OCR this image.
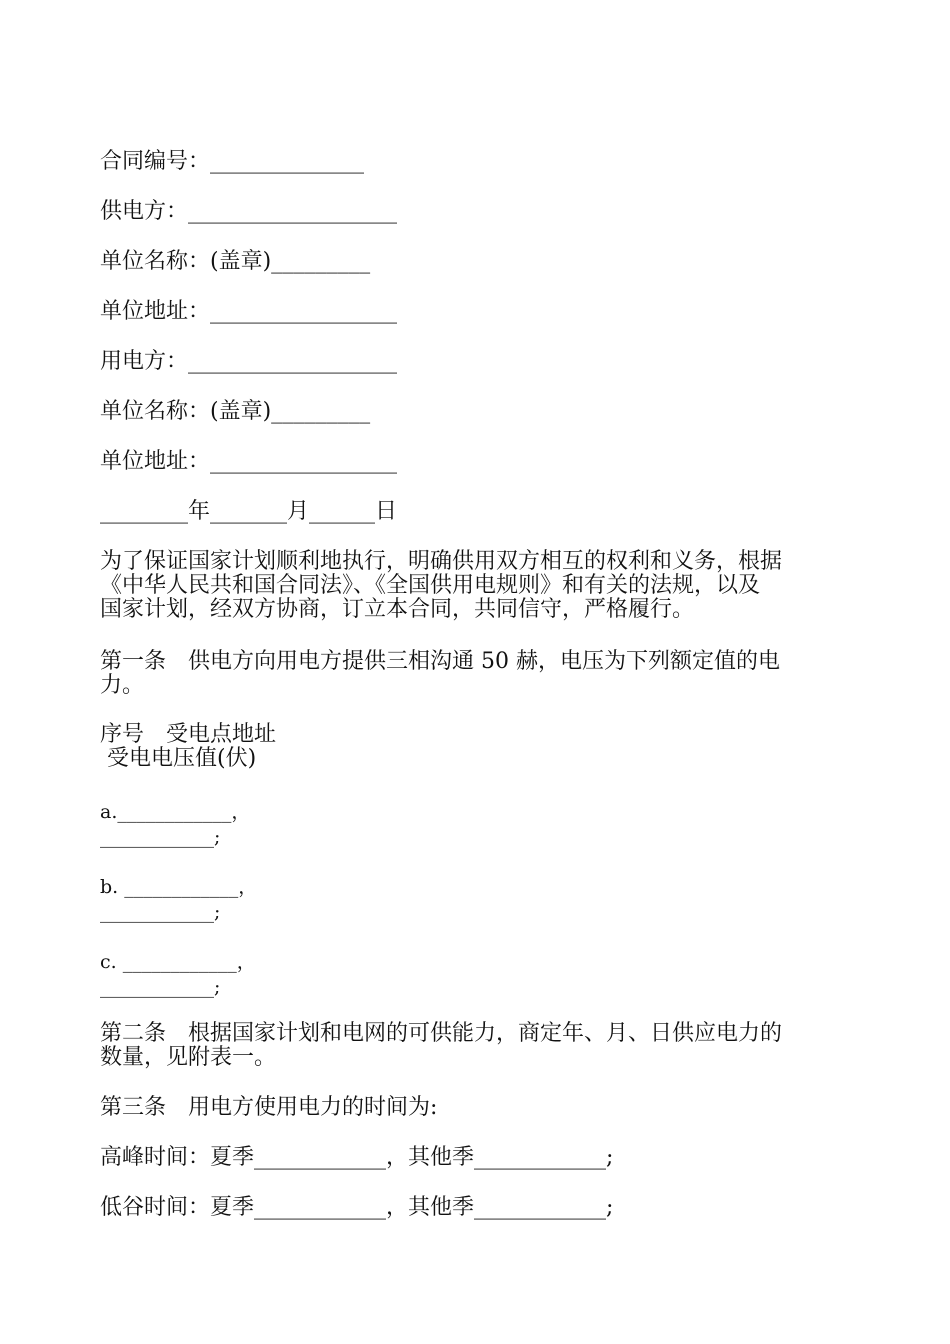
合同编号：______________
供电方：___________________
单位名称：(盖章)_________
单位地址：_________________
用电方：___________________
单位名称：(盖章)_________
单位地址：_________________
________年_______月______日
为了保证国家计划顺利地执行，明确供用双方相互的权利和义务，根据
《中华人民共和国合同法》、《全国供用电规则》和有关的法规，以及
国家计划，经双方协商，订立本合同，共同信守，严格履行。
第一条　供电方向用电方提供三相沟通 50 赫，电压为下列额定值的电
力。
序号　受电点地址
受电电压值(伏)
a.____________，
____________;
b. ____________，
____________;
c. ____________，
____________;
第二条　根据国家计划和电网的可供能力，商定年、月、日供应电力的
数量，见附表一。
第三条　用电方使用电力的时间为:
高峰时间：夏季____________，其他季____________;
低谷时间：夏季____________，其他季____________;
